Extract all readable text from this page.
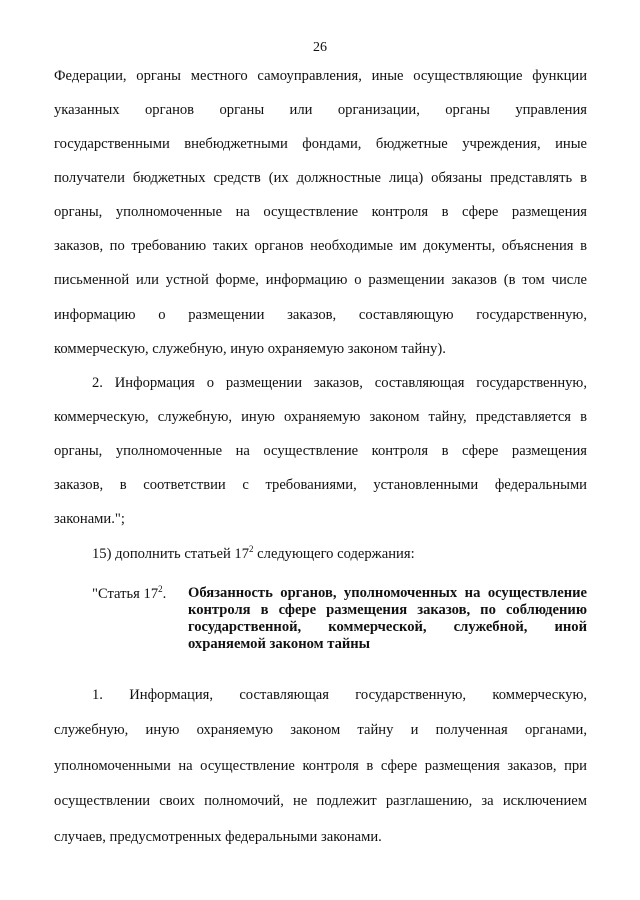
26
Федерации, органы местного самоуправления, иные осуществляющие функции
указанных органов органы или организации, органы управления
государственными внебюджетными фондами, бюджетные учреждения, иные
получатели бюджетных средств (их должностные лица) обязаны представлять в
органы, уполномоченные на осуществление контроля в сфере размещения
заказов, по требованию таких органов необходимые им документы, объяснения в
письменной или устной форме, информацию о размещении заказов (в том числе
информацию о размещении заказов, составляющую государственную,
коммерческую, служебную, иную охраняемую законом тайну).
2. Информация о размещении заказов, составляющая государственную,
коммерческую, служебную, иную охраняемую законом тайну, представляется в
органы, уполномоченные на осуществление контроля в сфере размещения
заказов, в соответствии с требованиями, установленными федеральными
законами.";
15) дополнить статьей $17^2$ следующего содержания:
"Статья $17^2$. Обязанность органов, уполномоченных на осуществление
контроля в сфере размещения заказов, по соблюдению
государственной, коммерческой, служебной, иной
охраняемой законом тайны
1. Информация, составляющая государственную, коммерческую,
служебную, иную охраняемую законом тайну и полученная органами,
уполномоченными на осуществление контроля в сфере размещения заказов, при
осуществлении своих полномочий, не подлежит разглашению, за исключением
случаев, предусмотренных федеральными законами.
